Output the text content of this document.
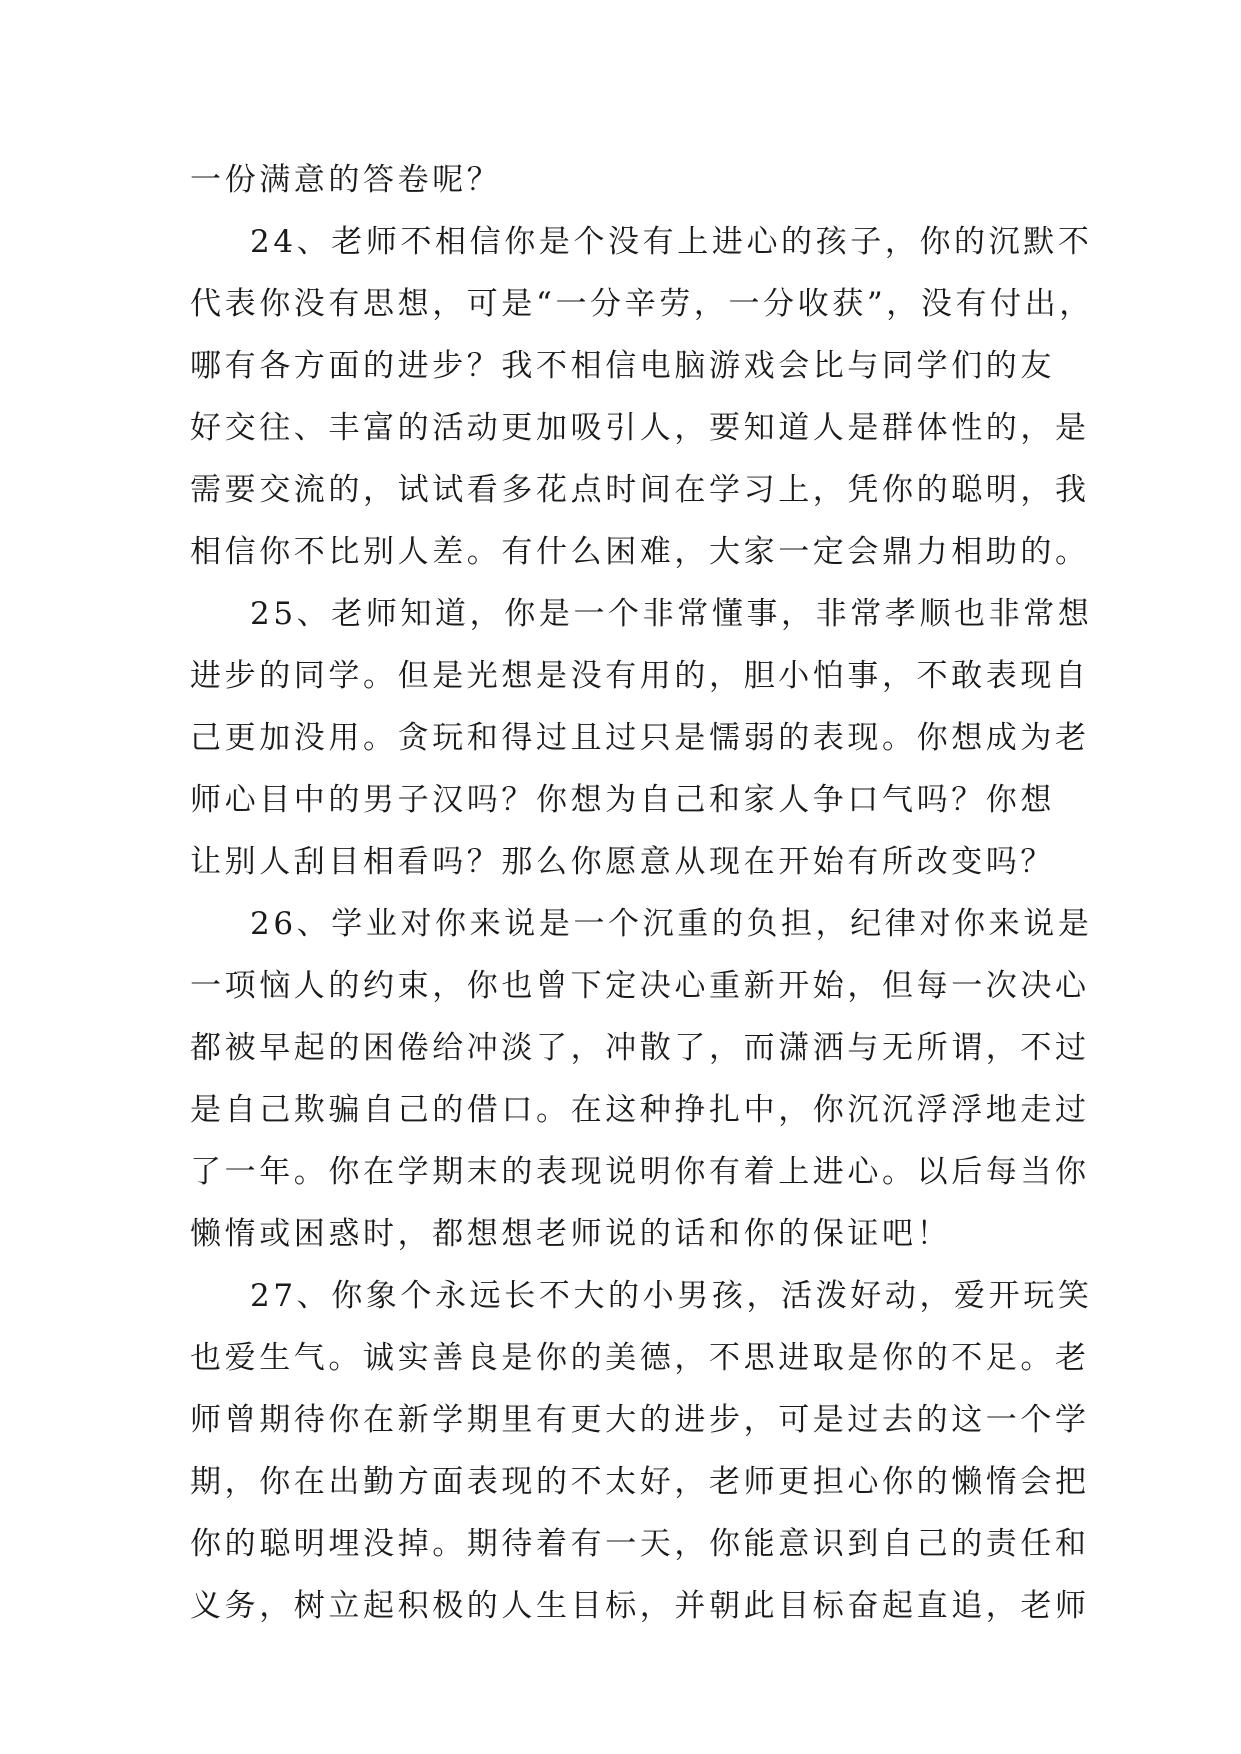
一份满意的答卷呢？
24、老师不相信你是个没有上进心的孩子，你的沉默不
代表你没有思想，可是“一分辛劳，一分收获”，没有付出，
哪有各方面的进步？我不相信电脑游戏会比与同学们的友
好交往、丰富的活动更加吸引人，要知道人是群体性的，是
需要交流的，试试看多花点时间在学习上，凭你的聪明，我
相信你不比别人差。有什么困难，大家一定会鼎力相助的。
25、老师知道，你是一个非常懂事，非常孝顺也非常想
进步的同学。但是光想是没有用的，胆小怕事，不敢表现自
己更加没用。贪玩和得过且过只是懦弱的表现。你想成为老
师心目中的男子汉吗？你想为自己和家人争口气吗？你想
让别人刮目相看吗？那么你愿意从现在开始有所改变吗？
26、学业对你来说是一个沉重的负担，纪律对你来说是
一项恼人的约束，你也曾下定决心重新开始，但每一次决心
都被早起的困倦给冲淡了，冲散了，而潇洒与无所谓，不过
是自己欺骗自己的借口。在这种挣扎中，你沉沉浮浮地走过
了一年。你在学期末的表现说明你有着上进心。以后每当你
懒惰或困惑时，都想想老师说的话和你的保证吧！
27、你象个永远长不大的小男孩，活泼好动，爱开玩笑
也爱生气。诚实善良是你的美德，不思进取是你的不足。老
师曾期待你在新学期里有更大的进步，可是过去的这一个学
期，你在出勤方面表现的不太好，老师更担心你的懒惰会把
你的聪明埋没掉。期待着有一天，你能意识到自己的责任和
义务，树立起积极的人生目标，并朝此目标奋起直追，老师
